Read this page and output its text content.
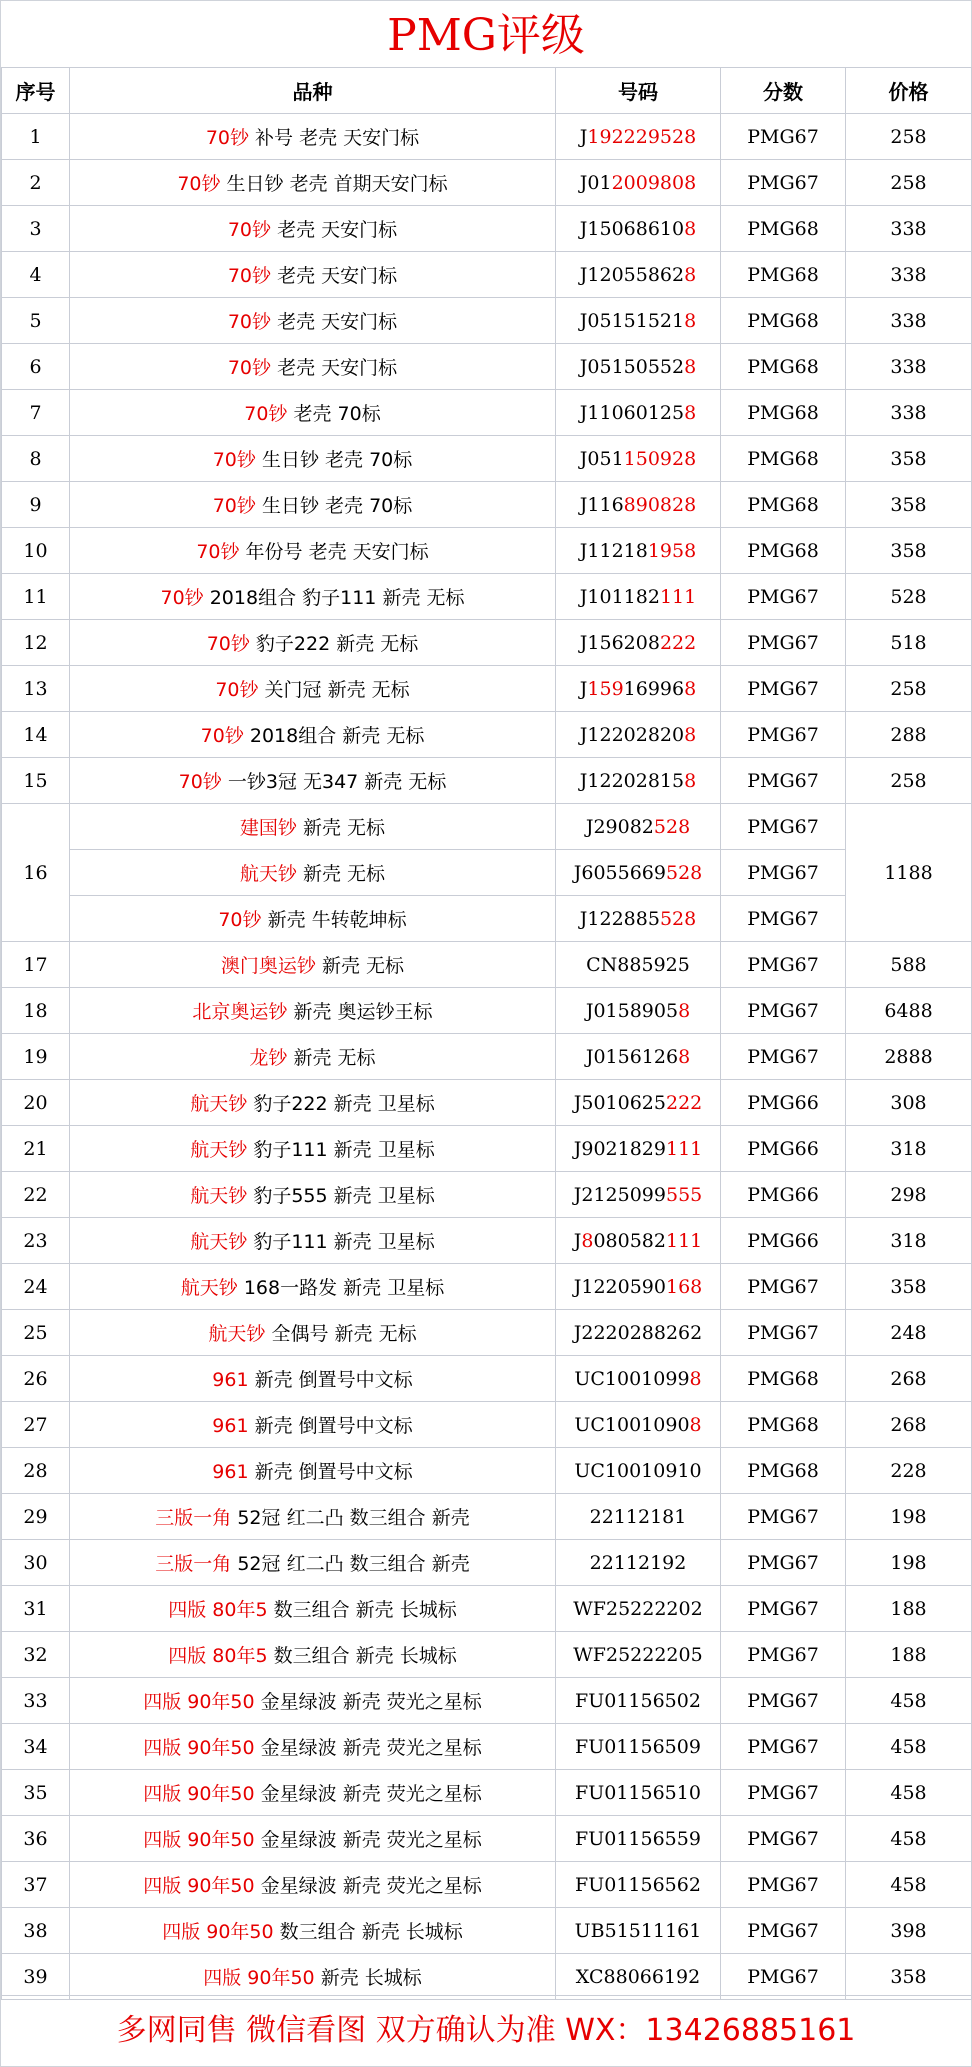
PMG评级
序号	品种	号码	分数	价格
1	70钞 补号 老壳 天安门标	J192229528	PMG67	258
2	70钞 生日钞 老壳 首期天安门标	J012009808	PMG67	258
3	70钞 老壳 天安门标	J150686108	PMG68	338
4	70钞 老壳 天安门标	J120558628	PMG68	338
5	70钞 老壳 天安门标	J051515218	PMG68	338
6	70钞 老壳 天安门标	J051505528	PMG68	338
7	70钞 老壳 70标	J110601258	PMG68	338
8	70钞 生日钞 老壳 70标	J051150928	PMG68	358
9	70钞 生日钞 老壳 70标	J116890828	PMG68	358
10	70钞 年份号 老壳 天安门标	J112181958	PMG68	358
11	70钞 2018组合 豹子111 新壳 无标	J101182111	PMG67	528
12	70钞 豹子222 新壳 无标	J156208222	PMG67	518
13	70钞 关门冠 新壳 无标	J159169968	PMG67	258
14	70钞 2018组合 新壳 无标	J122028208	PMG67	288
15	70钞 一钞3冠 无347 新壳 无标	J122028158	PMG67	258
16	建国钞 新壳 无标	J29082528	PMG67	1188
	航天钞 新壳 无标	J6055669528	PMG67	
	70钞 新壳 牛转乾坤标	J122885528	PMG67	
17	澳门奥运钞 新壳 无标	CN885925	PMG67	588
18	北京奥运钞 新壳 奥运钞王标	J01589058	PMG67	6488
19	龙钞 新壳 无标	J01561268	PMG67	2888
20	航天钞 豹子222 新壳 卫星标	J5010625222	PMG66	308
21	航天钞 豹子111 新壳 卫星标	J9021829111	PMG66	318
22	航天钞 豹子555 新壳 卫星标	J2125099555	PMG66	298
23	航天钞 豹子111 新壳 卫星标	J8080582111	PMG66	318
24	航天钞 168一路发 新壳 卫星标	J1220590168	PMG67	358
25	航天钞 全偶号 新壳 无标	J2220288262	PMG67	248
26	961 新壳 倒置号中文标	UC10010998	PMG68	268
27	961 新壳 倒置号中文标	UC10010908	PMG68	268
28	961 新壳 倒置号中文标	UC10010910	PMG68	228
29	三版一角 52冠 红二凸 数三组合 新壳	22112181	PMG67	198
30	三版一角 52冠 红二凸 数三组合 新壳	22112192	PMG67	198
31	四版 80年5 数三组合 新壳 长城标	WF25222202	PMG67	188
32	四版 80年5 数三组合 新壳 长城标	WF25222205	PMG67	188
33	四版 90年50 金星绿波 新壳 荧光之星标	FU01156502	PMG67	458
34	四版 90年50 金星绿波 新壳 荧光之星标	FU01156509	PMG67	458
35	四版 90年50 金星绿波 新壳 荧光之星标	FU01156510	PMG67	458
36	四版 90年50 金星绿波 新壳 荧光之星标	FU01156559	PMG67	458
37	四版 90年50 金星绿波 新壳 荧光之星标	FU01156562	PMG67	458
38	四版 90年50 数三组合 新壳 长城标	UB51511161	PMG67	398
39	四版 90年50 新壳 长城标	XC88066192	PMG67	358
多网同售 微信看图 双方确认为准 WX：13426885161
